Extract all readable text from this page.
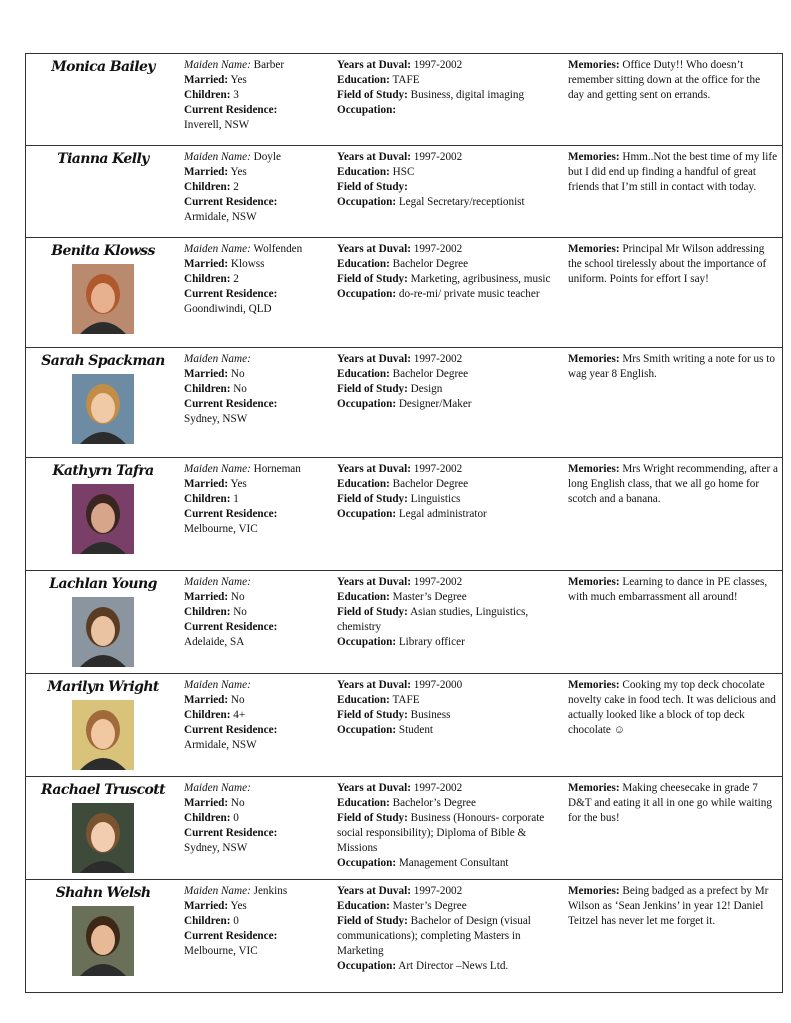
Monica Bailey	Maiden Name: Barber
Married: Yes
Children: 3
Current Residence:
Inverell, NSW	Years at Duval: 1997-2002
Education: TAFE
Field of Study: Business, digital imaging
Occupation:	Memories: Office Duty!! Who doesn’t remember sitting down at the office for the day and getting sent on errands.

Tianna Kelly	Maiden Name: Doyle
Married: Yes
Children: 2
Current Residence:
Armidale, NSW	Years at Duval: 1997-2002
Education: HSC
Field of Study:
Occupation: Legal Secretary/receptionist	Memories: Hmm..Not the best time of my life but I did end up finding a handful of great friends that I’m still in contact with today.

Benita Klowss	Maiden Name: Wolfenden
Married: Klowss
Children: 2
Current Residence:
Goondiwindi, QLD	Years at Duval: 1997-2002
Education: Bachelor Degree
Field of Study: Marketing, agribusiness, music
Occupation: do-re-mi/ private music teacher	Memories: Principal Mr Wilson addressing the school tirelessly about the importance of uniform. Points for effort I say!

Sarah Spackman	Maiden Name:
Married: No
Children: No
Current Residence:
Sydney, NSW	Years at Duval: 1997-2002
Education: Bachelor Degree
Field of Study: Design
Occupation: Designer/Maker	Memories: Mrs Smith writing a note for us to wag year 8 English.

Kathyrn Tafra	Maiden Name: Horneman
Married: Yes
Children: 1
Current Residence:
Melbourne, VIC	Years at Duval: 1997-2002
Education: Bachelor Degree
Field of Study: Linguistics
Occupation: Legal administrator	Memories: Mrs Wright recommending, after a long English class, that we all go home for scotch and a banana.

Lachlan Young	Maiden Name:
Married: No
Children: No
Current Residence:
Adelaide, SA	Years at Duval: 1997-2002
Education: Master’s Degree
Field of Study: Asian studies, Linguistics, chemistry
Occupation: Library officer	Memories: Learning to dance in PE classes, with much embarrassment all around!

Marilyn Wright	Maiden Name:
Married: No
Children: 4+
Current Residence:
Armidale, NSW	Years at Duval: 1997-2000
Education: TAFE
Field of Study: Business
Occupation: Student	Memories: Cooking my top deck chocolate novelty cake in food tech. It was delicious and actually looked like a block of top deck chocolate ☺

Rachael Truscott	Maiden Name:
Married: No
Children: 0
Current Residence:
Sydney, NSW	Years at Duval: 1997-2002
Education: Bachelor’s Degree
Field of Study: Business (Honours- corporate social responsibility); Diploma of Bible & Missions
Occupation: Management Consultant	Memories: Making cheesecake in grade 7 D&T and eating it all in one go while waiting for the bus!

Shahn Welsh	Maiden Name: Jenkins
Married: Yes
Children: 0
Current Residence:
Melbourne, VIC	Years at Duval: 1997-2002
Education: Master’s Degree
Field of Study: Bachelor of Design (visual communications); completing Masters in Marketing
Occupation: Art Director –News Ltd.	Memories: Being badged as a prefect by Mr Wilson as ‘Sean Jenkins’ in year 12! Daniel Teitzel has never let me forget it.
